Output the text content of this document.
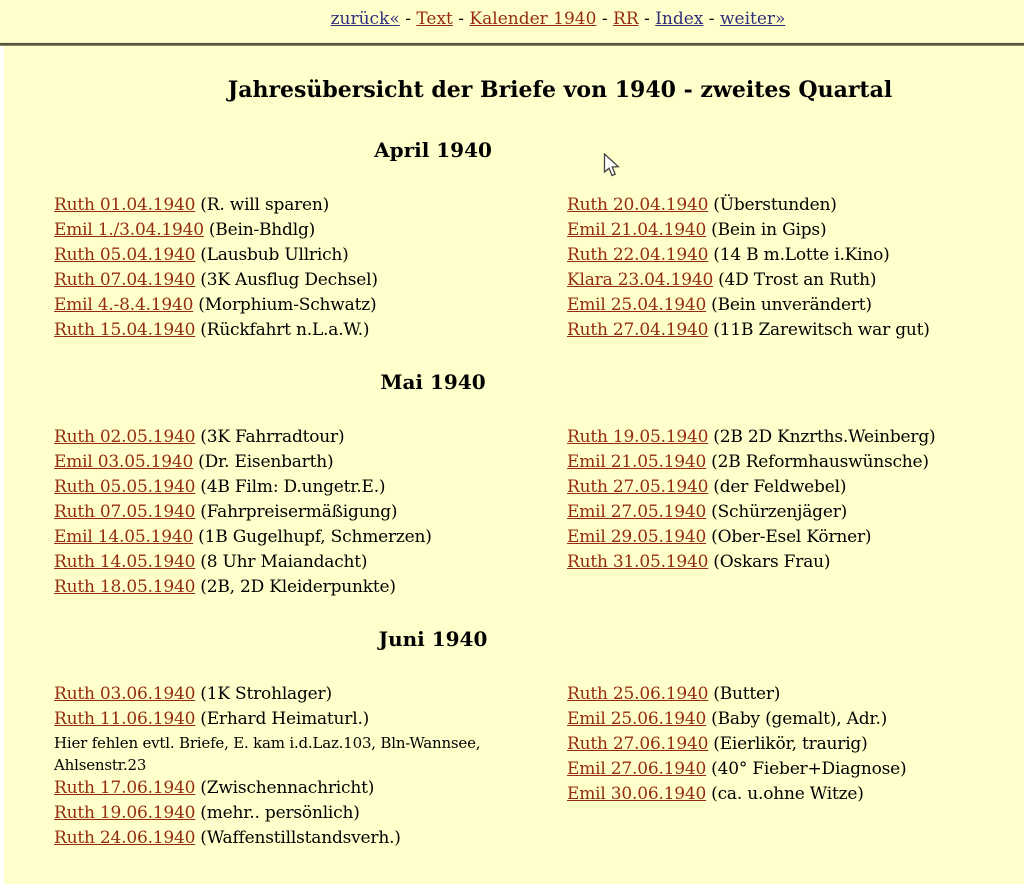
zurück« - Text - Kalender 1940 - RR - Index - weiter»
Jahresübersicht der Briefe von 1940 - zweites Quartal
April 1940
Ruth 01.04.1940 (R. will sparen)
Emil 1./3.04.1940 (Bein-Bhdlg)
Ruth 05.04.1940 (Lausbub Ullrich)
Ruth 07.04.1940 (3K Ausflug Dechsel)
Emil 4.-8.4.1940 (Morphium-Schwatz)
Ruth 15.04.1940 (Rückfahrt n.L.a.W.)
Ruth 20.04.1940 (Überstunden)
Emil 21.04.1940 (Bein in Gips)
Ruth 22.04.1940 (14 B m.Lotte i.Kino)
Klara 23.04.1940 (4D Trost an Ruth)
Emil 25.04.1940 (Bein unverändert)
Ruth 27.04.1940 (11B Zarewitsch war gut)
Mai 1940
Ruth 02.05.1940 (3K Fahrradtour)
Emil 03.05.1940 (Dr. Eisenbarth)
Ruth 05.05.1940 (4B Film: D.ungetr.E.)
Ruth 07.05.1940 (Fahrpreisermäßigung)
Emil 14.05.1940 (1B Gugelhupf, Schmerzen)
Ruth 14.05.1940 (8 Uhr Maiandacht)
Ruth 18.05.1940 (2B, 2D Kleiderpunkte)
Ruth 19.05.1940 (2B 2D Knzrths.Weinberg)
Emil 21.05.1940 (2B Reformhauswünsche)
Ruth 27.05.1940 (der Feldwebel)
Emil 27.05.1940 (Schürzenjäger)
Emil 29.05.1940 (Ober-Esel Körner)
Ruth 31.05.1940 (Oskars Frau)
Juni 1940
Ruth 03.06.1940 (1K Strohlager)
Ruth 11.06.1940 (Erhard Heimaturl.)
Hier fehlen evtl. Briefe, E. kam i.d.Laz.103, Bln-Wannsee, Ahlsenstr.23
Ruth 17.06.1940 (Zwischennachricht)
Ruth 19.06.1940 (mehr.. persönlich)
Ruth 24.06.1940 (Waffenstillstandsverh.)
Ruth 25.06.1940 (Butter)
Emil 25.06.1940 (Baby (gemalt), Adr.)
Ruth 27.06.1940 (Eierlikör, traurig)
Emil 27.06.1940 (40° Fieber+Diagnose)
Emil 30.06.1940 (ca. u.ohne Witze)
